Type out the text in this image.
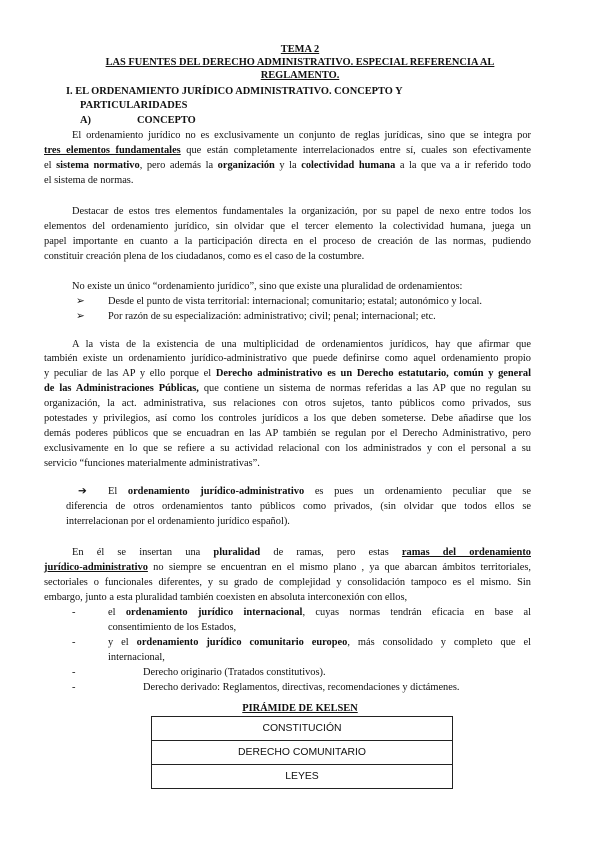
TEMA 2
LAS FUENTES DEL DERECHO ADMINISTRATIVO. ESPECIAL REFERENCIA AL
REGLAMENTO.
I. EL ORDENAMIENTO JURÍDICO ADMINISTRATIVO. CONCEPTO Y
PARTICULARIDADES
A)	CONCEPTO
El ordenamiento jurídico no es exclusivamente un conjunto de reglas jurídicas, sino que se integra por
tres elementos fundamentales que están completamente interrelacionados entre sí, cuales son efectivamente
el sistema normativo, pero además la organización y la colectividad humana a la que va a ir referido todo
el sistema de normas.
Destacar de estos tres elementos fundamentales la organización, por su papel de nexo entre todos los
elementos del ordenamiento jurídico, sin olvidar que el tercer elemento la colectividad humana, juega un
papel importante en cuanto a la participación directa en el proceso de creación de las normas, pudiendo
constituir creación plena de los ciudadanos, como es el caso de la costumbre.
No existe un único “ordenamiento jurídico”, sino que existe una pluralidad de ordenamientos:
➢ Desde el punto de vista territorial: internacional; comunitario; estatal; autonómico y local.
➢ Por razón de su especialización: administrativo; civil; penal; internacional; etc.
A la vista de la existencia de una multiplicidad de ordenamientos jurídicos, hay que afirmar que
también existe un ordenamiento jurídico-administrativo que puede definirse como aquel ordenamiento propio
y peculiar de las AP y ello porque el Derecho administrativo es un Derecho estatutario, común y general
de las Administraciones Públicas, que contiene un sistema de normas referidas a las AP que no regulan su
organización, la act. administrativa, sus relaciones con otros sujetos, tanto públicos como privados, sus
potestades y privilegios, así como los controles jurídicos a los que deben someterse. Debe añadirse que los
demás poderes públicos que se encuadran en las AP también se regulan por el Derecho Administrativo, pero
exclusivamente en lo que se refiere a su actividad relacional con los administrados y con el personal a su
servicio “funciones materialmente administrativas”.
➔ El ordenamiento jurídico-administrativo es pues un ordenamiento peculiar que se
diferencia de otros ordenamientos tanto públicos como privados, (sin olvidar que todos ellos se
interrelacionan por el ordenamiento jurídico español).
En él se insertan una pluralidad de ramas, pero estas ramas del ordenamiento
jurídico-administrativo no siempre se encuentran en el mismo plano , ya que abarcan ámbitos territoriales,
sectoriales o funcionales diferentes, y su grado de complejidad y consolidación tampoco es el mismo. Sin
embargo, junto a esta pluralidad también coexisten en absoluta interconexión con ellos,
-	el ordenamiento jurídico internacional, cuyas normas tendrán eficacia en base al
consentimiento de los Estados,
-	y el ordenamiento jurídico comunitario europeo, más consolidado y completo que el
internacional,
-	Derecho originario (Tratados constitutivos).
-	Derecho derivado: Reglamentos, directivas, recomendaciones y dictámenes.
PIRÁMIDE DE KELSEN
CONSTITUCIÓN
DERECHO COMUNITARIO
LEYES
